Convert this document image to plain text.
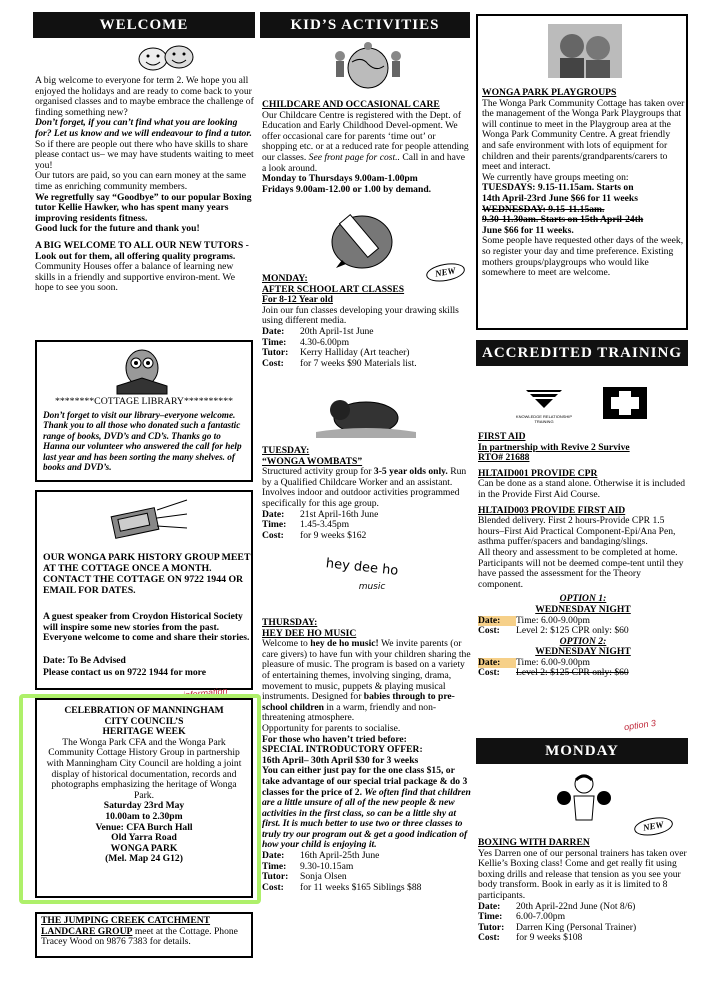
WELCOME

A big welcome to everyone for term 2. We hope you all enjoyed the holidays and are ready to come back to your organised classes and to maybe embrace the challenge of finding something new?

Don’t forget, if you can’t find what you are looking for? Let us know and we will endeavour to find a tutor. So if there are people out there who have skills to share please contact us– we may have students waiting to meet you!

Our tutors are paid, so you can earn money at the same time as enriching community members.

We regretfully say “Goodbye” to our popular Boxing tutor Kellie Hawker, who has spent many years improving residents fitness.

Good luck for the future and thank you!

A BIG WELCOME TO ALL OUR NEW TUTORS -Look out for them, all offering quality programs.

Community Houses offer a balance of learning new skills in a friendly and supportive environ-ment. We hope to see you soon.

********COTTAGE LIBRARY**********

Don’t forget to visit our library–everyone welcome. Thank you to all those who donated such a fantastic range of books, DVD’s and CD’s. Thanks go to Hanna our volunteer who answered the call for help last year and has been sorting the many shelves. of books and DVD’s.

OUR WONGA PARK HISTORY GROUP MEET AT THE COTTAGE ONCE A MONTH. CONTACT THE COTTAGE ON 9722 1944 OR EMAIL FOR DATES.

A guest speaker from Croydon Historical Society will inspire some new stories from the past. Everyone welcome to come and share their stories.

Date: To Be Advised

Please contact us on 9722 1944 for more

information

CELEBRATION OF MANNINGHAM

CITY COUNCIL’S

HERITAGE WEEK

The Wonga Park CFA and the Wonga Park Community Cottage History Group in partnership with Manningham City Council are holding a joint display of historical documentation, records and photographs emphasizing the heritage of Wonga Park.

Saturday 23rd May

10.00am to 2.30pm

Venue: CFA Burch Hall

Old Yarra Road

WONGA PARK

(Mel. Map 24 G12)

THE JUMPING CREEK CATCHMENT

LANDCARE GROUP meet at the Cottage. Phone Tracey Wood on 9876 7383 for details.

KID’S ACTIVITIES

CHILDCARE AND OCCASIONAL CARE

Our Childcare Centre is registered with the Dept. of Education and Early Childhood Devel-opment. We offer occasional care for parents ‘time out’ or shopping etc. or at a reduced rate for people attending our classes. See front page for cost.. Call in and have a look around.

Monday to Thursdays 9.00am-1.00pm

Fridays 9.00am-12.00 or 1.00 by demand.

NEW

MONDAY:

AFTER SCHOOL ART CLASSES

For 8-12 Year old

Join our fun classes developing your drawing skills using different media.

Date:	20th April-1st June
Time:	4.30-6.00pm
Tutor:	Kerry Halliday (Art teacher)
Cost:	for 7 weeks $90 Materials list.

TUESDAY:

“WONGA WOMBATS”

Structured activity group for 3-5 year olds only. Run by a Qualified Childcare Worker and an assistant. Involves indoor and outdoor activities programmed specifically for this age group.

Date:	21st April-16th June
Time:	1.45-3.45pm
Cost:	for 9 weeks $162
hey dee ho
music

THURSDAY:

HEY DEE HO MUSIC

Welcome to hey de ho music! We invite parents (or care givers) to have fun with your children sharing the pleasure of music. The program is based on a variety of entertaining themes, involving singing, drama, movement to music, puppets & playing musical instruments. Designed for babies through to pre-school children in a warm, friendly and non-threatening atmosphere.

Opportunity for parents to socialise.

For those who haven’t tried before:

SPECIAL INTRODUCTORY OFFER:

16th April– 30th April $30 for 3 weeks

You can either just pay for the one class $15, or take advantage of our special trial package & do 3 classes for the price of 2. We often find that children are a little unsure of all of the new people & new activities in the first class, so can be a little shy at first. It is much better to use two or three classes to truly try our program out & get a good indication of how your child is enjoying it.

Date:	16th April-25th June
Time:	9.30-10.15am
Tutor:	Sonja Olsen
Cost:	for 11 weeks $165 Siblings $88

WONGA PARK PLAYGROUPS

The Wonga Park Community Cottage has taken over the management of the Wonga Park Playgroups that will continue to meet in the Playgroup area at the Wonga Park Community Centre. A great friendly and safe environment with lots of equipment for children and their parents/grandparents/carers to meet and interact.

We currently have groups meeting on:

TUESDAYS: 9.15-11.15am. Starts on

14th April-23rd June $66 for 11 weeks

WEDNESDAY: 9.15-11.15am.

9.30-11.30am. Starts on 15th April-24th

June $66 for 11 weeks.

Some people have requested other days of the week, so register your day and time preference. Existing mothers groups/playgroups who would like somewhere to meet are welcome.

ACCREDITED TRAINING
KNOWLEDGE RELATIONSHIP TRAINING

FIRST AID

In partnership with Revive 2 Survive

RTO# 21688

HLTAID001 PROVIDE CPR

Can be done as a stand alone. Otherwise it is included in the Provide First Aid Course.

HLTAID003 PROVIDE FIRST AID

Blended delivery. First 2 hours-Provide CPR 1.5 hours–First Aid Practical Component-Epi/Ana Pen, asthma puffer/spacers and bandaging/slings.

All theory and assessment to be completed at home. Participants will not be deemed compe-tent until they have passed the assessment for the Theory component.

OPTION 1:

WEDNESDAY NIGHT

Date:	Time: 6.00-9.00pm
Cost:	Level 2: $125 CPR only: $60

OPTION 2:

WEDNESDAY NIGHT

Date:	Time: 6.00-9.00pm
Cost:	Level 2: $125 CPR only: $60
option 3
MONDAY
NEW

BOXING WITH DARREN

Yes Darren one of our personal trainers has taken over Kellie’s Boxing class! Come and get really fit using boxing drills and release that tension as you see your body transform. Book in early as it is limited to 8 participants.

Date:	20th April-22nd June (Not 8/6)
Time:	6.00-7.00pm
Tutor:	Darren King (Personal Trainer)
Cost:	for 9 weeks $108
